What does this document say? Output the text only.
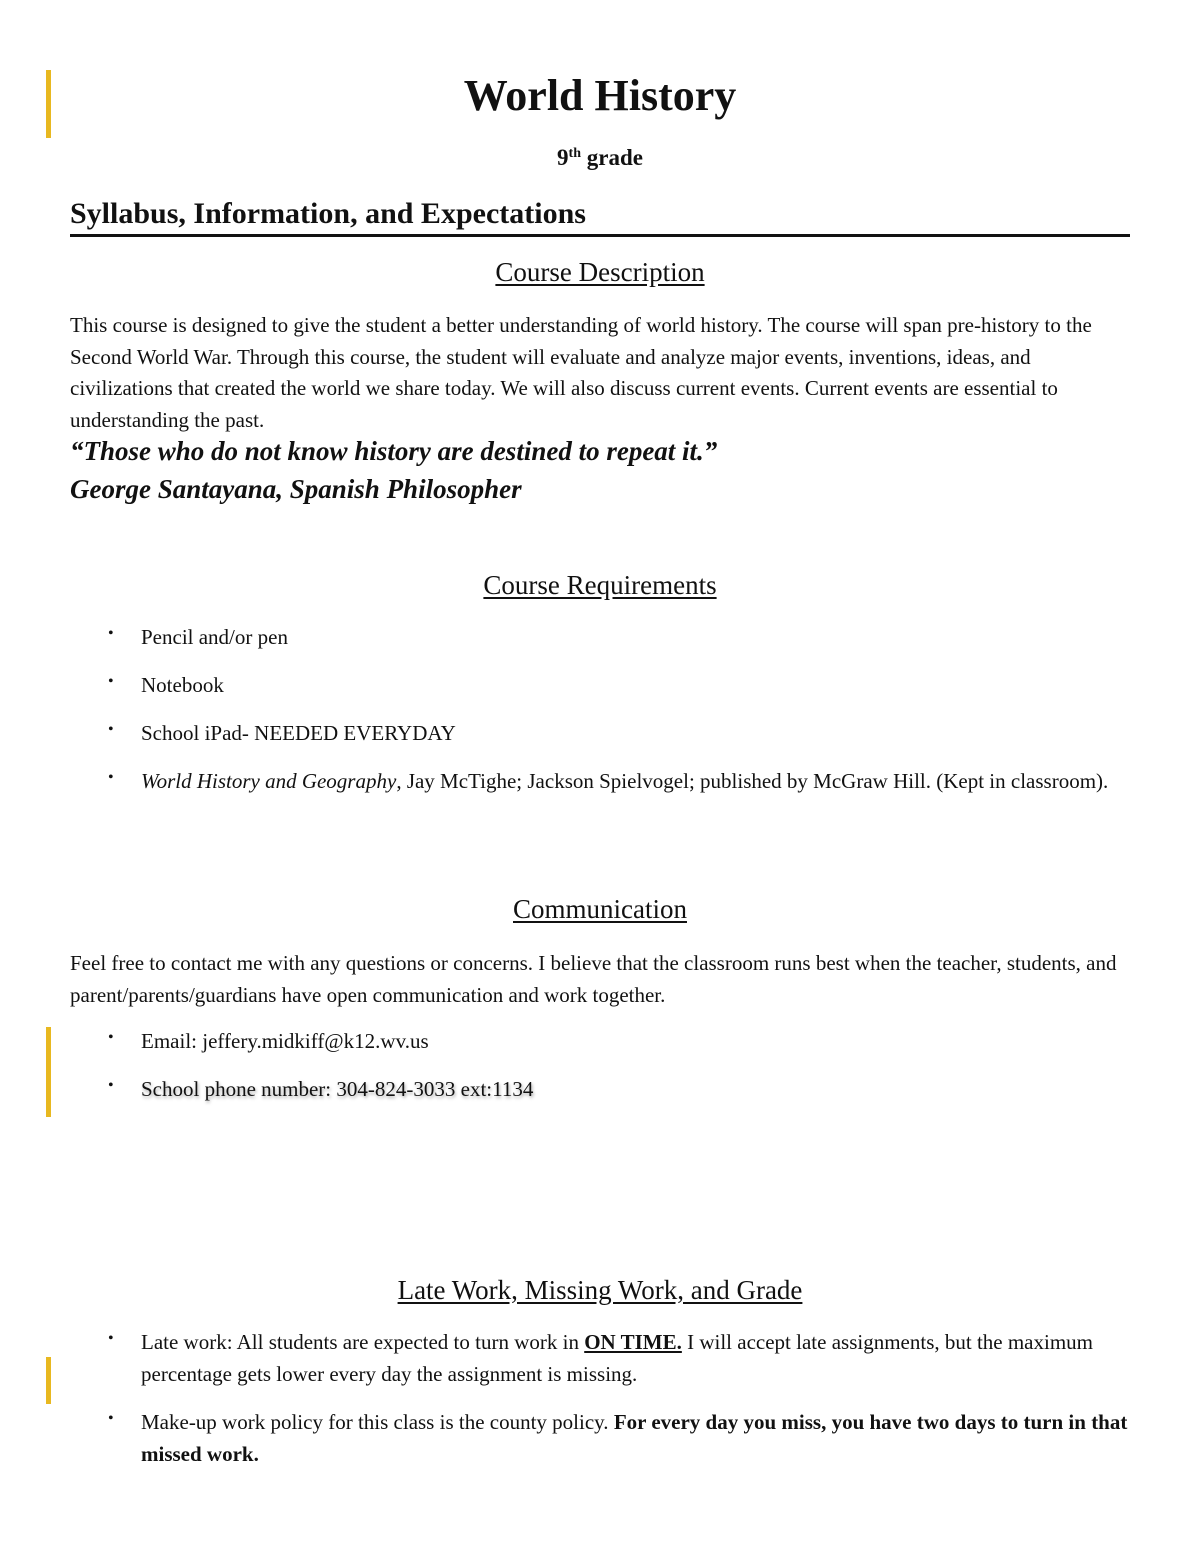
World History
9th grade
Syllabus, Information, and Expectations
Course Description

This course is designed to give the student a better understanding of world history. The course will span pre-history to the Second World War. Through this course, the student will evaluate and analyze major events, inventions, ideas, and civilizations that created the world we share today. We will also discuss current events. Current events are essential to understanding the past.

“Those who do not know history are destined to repeat it.”
George Santayana, Spanish Philosopher
Course Requirements
• Pencil and/or pen
• Notebook
• School iPad- NEEDED EVERYDAY
• World History and Geography, Jay McTighe; Jackson Spielvogel; published by McGraw Hill. (Kept in classroom).
Communication

Feel free to contact me with any questions or concerns. I believe that the classroom runs best when the teacher, students, and parent/parents/guardians have open communication and work together.

• Email: jeffery.midkiff@k12.wv.us
• School phone number: 304-824-3033 ext:1134
Late Work, Missing Work, and Grade
• Late work: All students are expected to turn work in ON TIME. I will accept late assignments, but the maximum percentage gets lower every day the assignment is missing.
• Make-up work policy for this class is the county policy. For every day you miss, you have two days to turn in that missed work.
